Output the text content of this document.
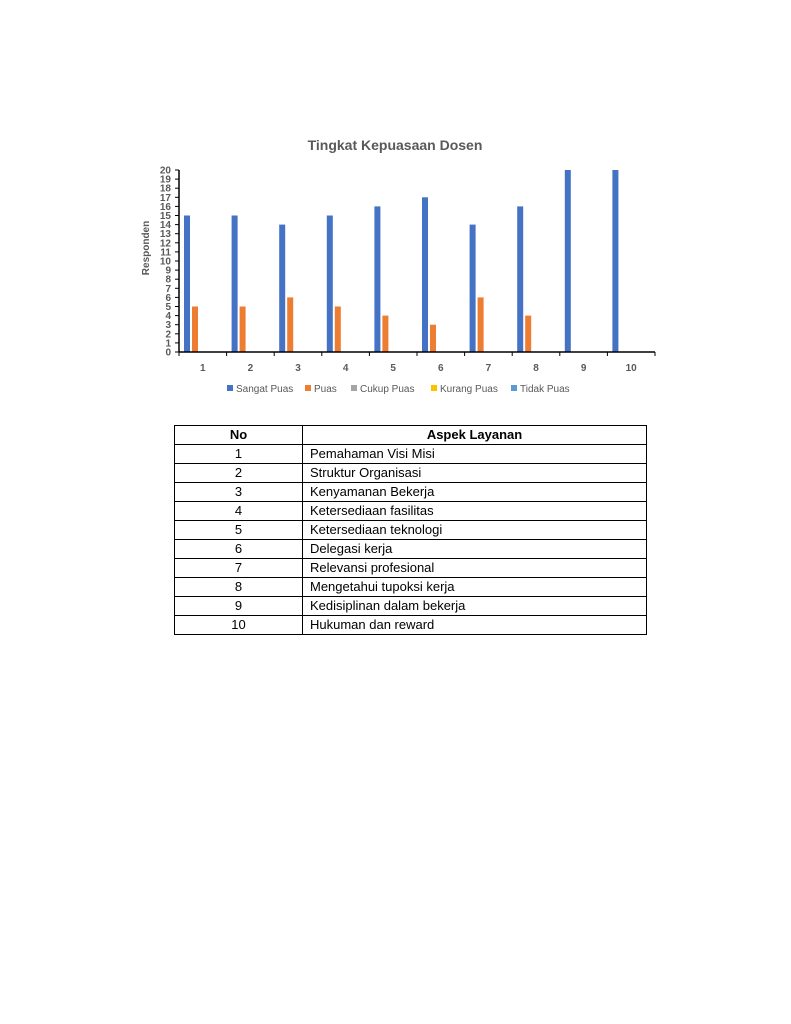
Tingkat Kepuasaan Dosen
Responden
0
1
2
3
4
5
6
7
8
9
10
11
12
13
14
15
16
17
18
19
20
1	2	3	4	5	6	7	8	9	10
Sangat Puas Puas Cukup Puas	Kurang Puas Tidak Puas
No	Aspek Layanan
1	Pemahaman Visi Misi
2	Struktur Organisasi
3	Kenyamanan Bekerja
4	Ketersediaan fasilitas
5	Ketersediaan teknologi
6	Delegasi kerja
7	Relevansi profesional
8	Mengetahui tupoksi kerja
9	Kedisiplinan dalam bekerja
10	Hukuman dan reward
